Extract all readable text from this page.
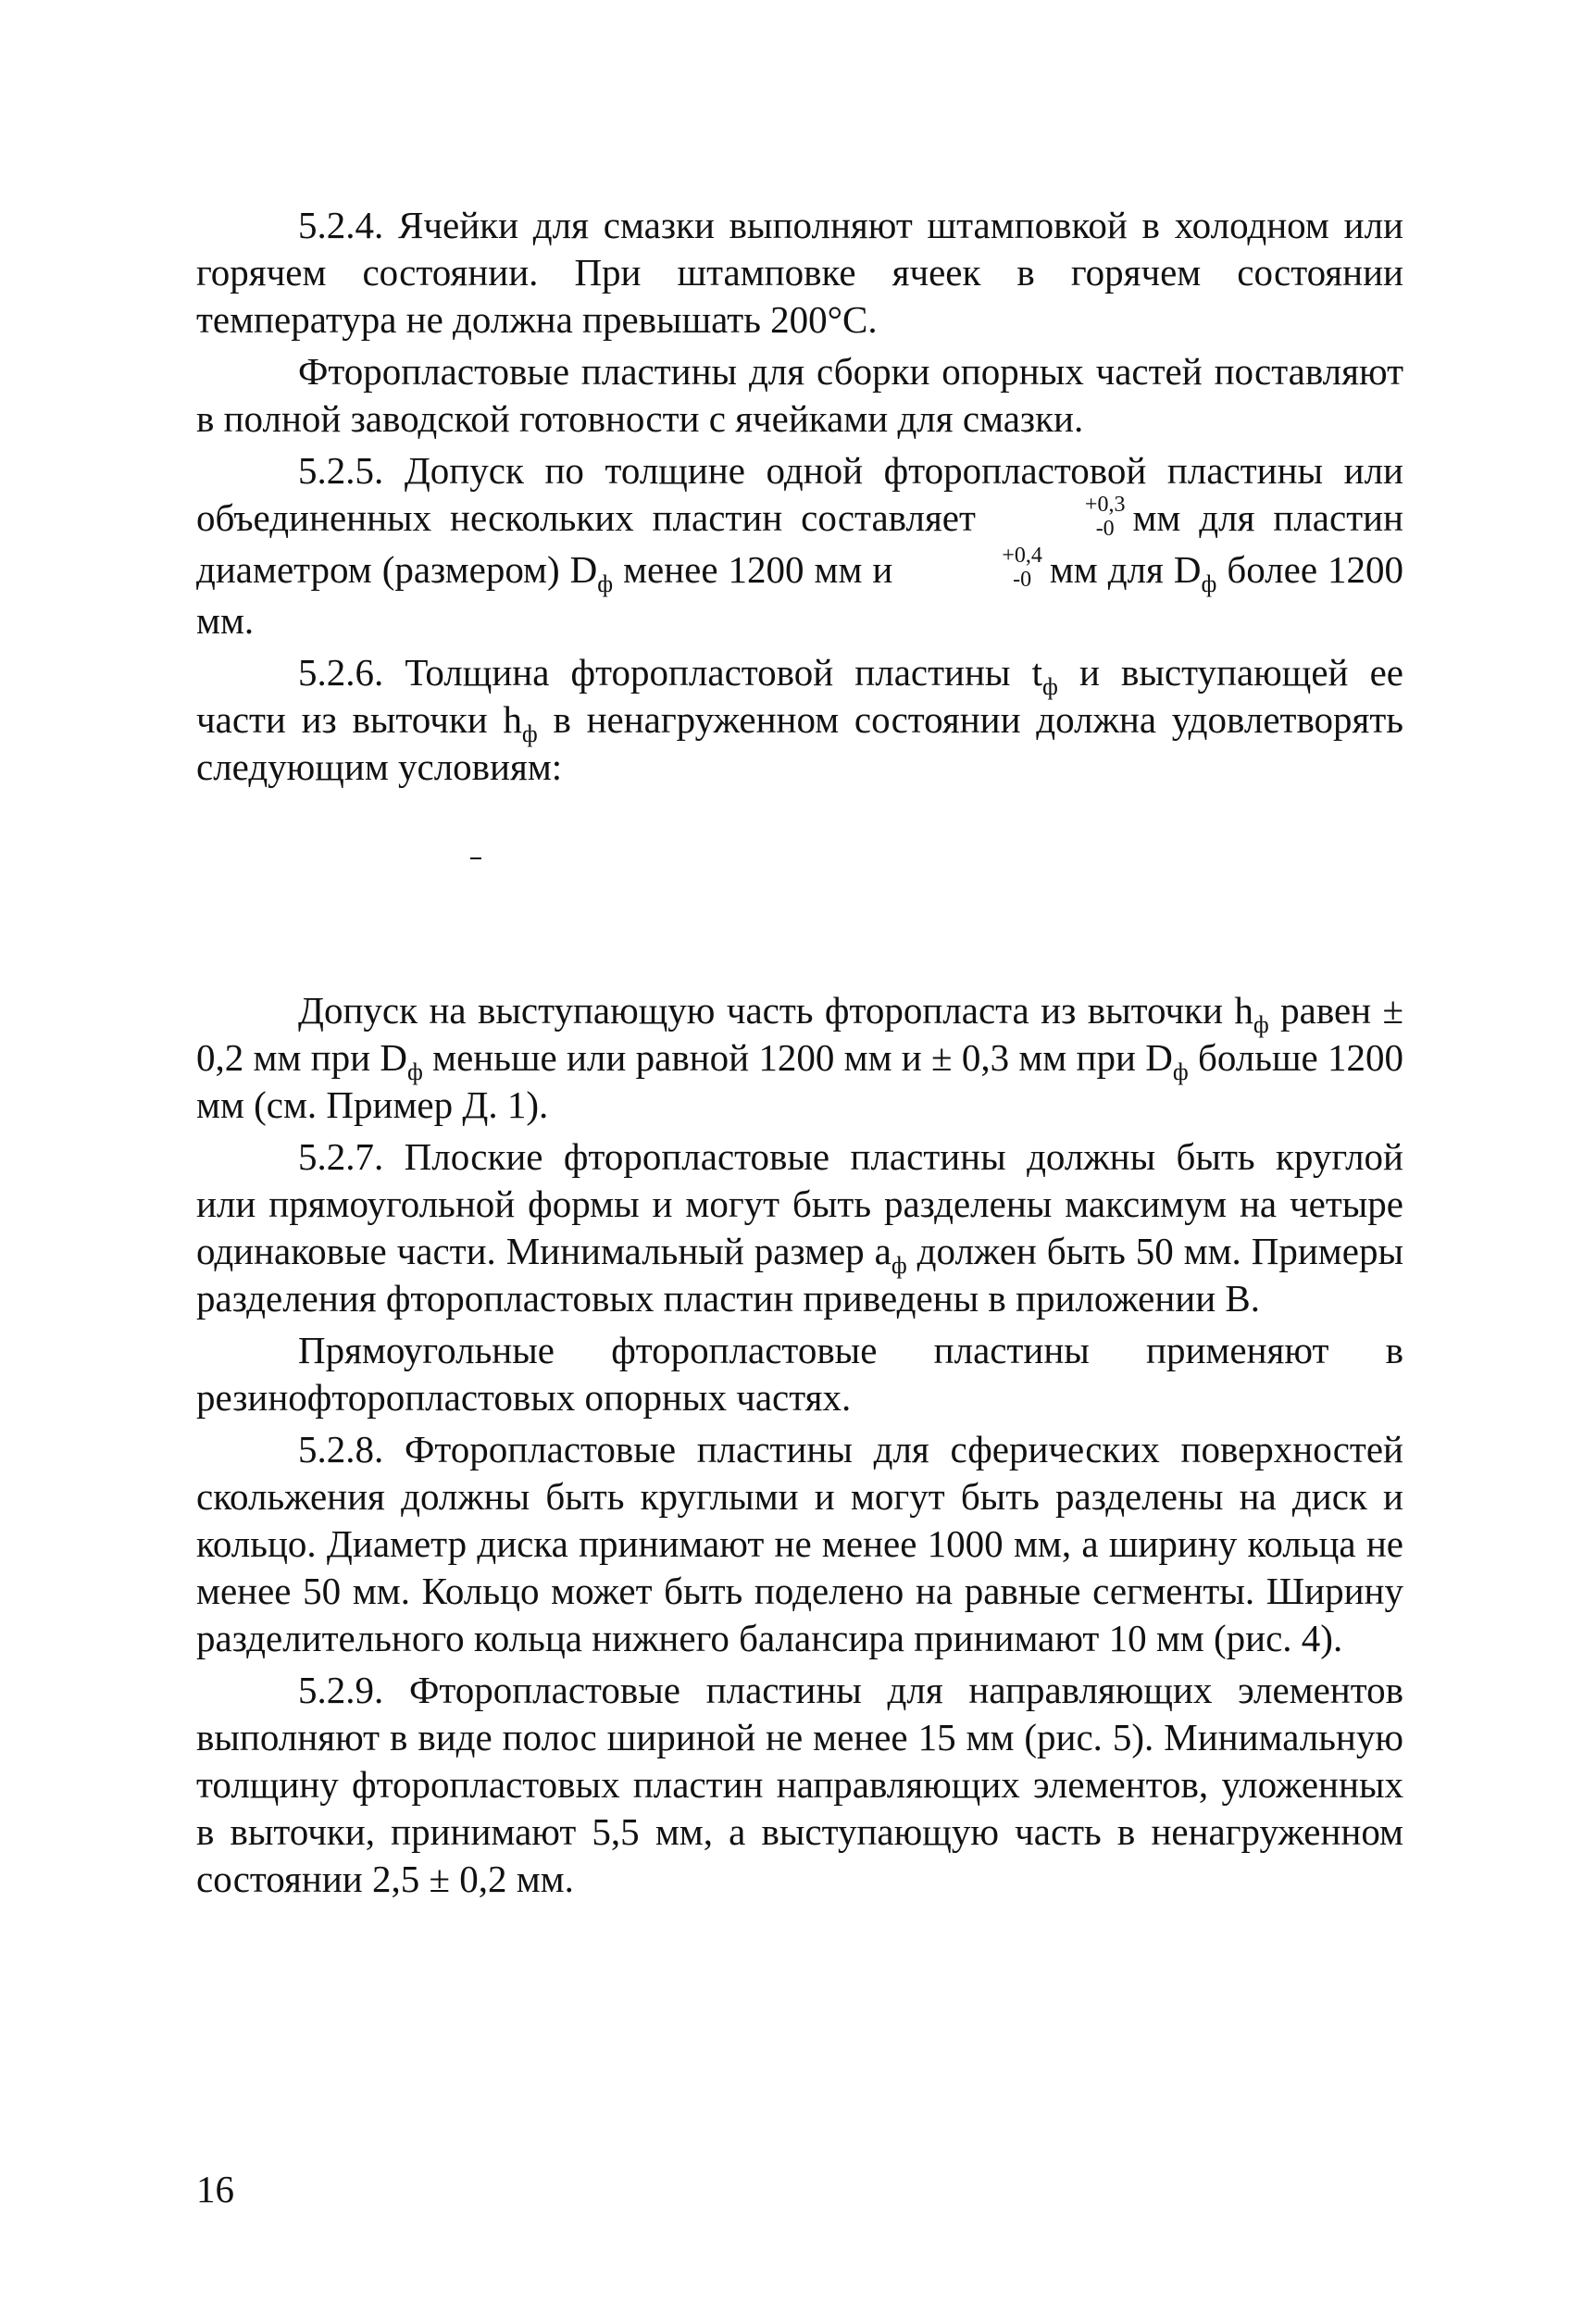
5.2.4. Ячейки для смазки выполняют штамповкой в холодном или горячем состоянии. При штамповке ячеек в горячем состоянии температура не должна превышать 200°С.

Фторопластовые пластины для сборки опорных частей поставляют в полной заводской готовности с ячейками для смазки.

5.2.5. Допуск по толщине одной фторопластовой пластины или объединенных нескольких пластин составляет	+0,3
-0 мм для пластин диаметром (размером) $D_ф$ менее 1200 мм и	+0,4
-0 мм для $D_ф$ более 1200 мм.

5.2.6. Толщина фторопластовой пластины $t_ф$ и выступающей ее части из выточки $h_ф$ в ненагруженном состоянии должна удовлетворять следующим условиям:

Допуск на выступающую часть фторопласта из выточки $h_ф$ равен ± 0,2 мм при $D_ф$ меньше или равной 1200 мм и ± 0,3 мм при $D_ф$ больше 1200 мм (см. Пример Д. 1).

5.2.7. Плоские фторопластовые пластины должны быть круглой или прямоугольной формы и могут быть разделены максимум на четыре одинаковые части. Минимальный размер $a_ф$ должен быть 50 мм. Примеры разделения фторопластовых пластин приведены в приложении В.

Прямоугольные фторопластовые пластины применяют в резинофторопластовых опорных частях.

5.2.8. Фторопластовые пластины для сферических поверхностей скольжения должны быть круглыми и могут быть разделены на диск и кольцо. Диаметр диска принимают не менее 1000 мм, а ширину кольца не менее 50 мм. Кольцо может быть поделено на равные сегменты. Ширину разделительного кольца нижнего балансира принимают 10 мм (рис. 4).

5.2.9. Фторопластовые пластины для направляющих элементов выполняют в виде полос шириной не менее 15 мм (рис. 5). Минимальную толщину фторопластовых пластин направляющих элементов, уложенных в выточки, принимают 5,5 мм, а выступающую часть в ненагруженном состоянии 2,5 ± 0,2 мм.

16
